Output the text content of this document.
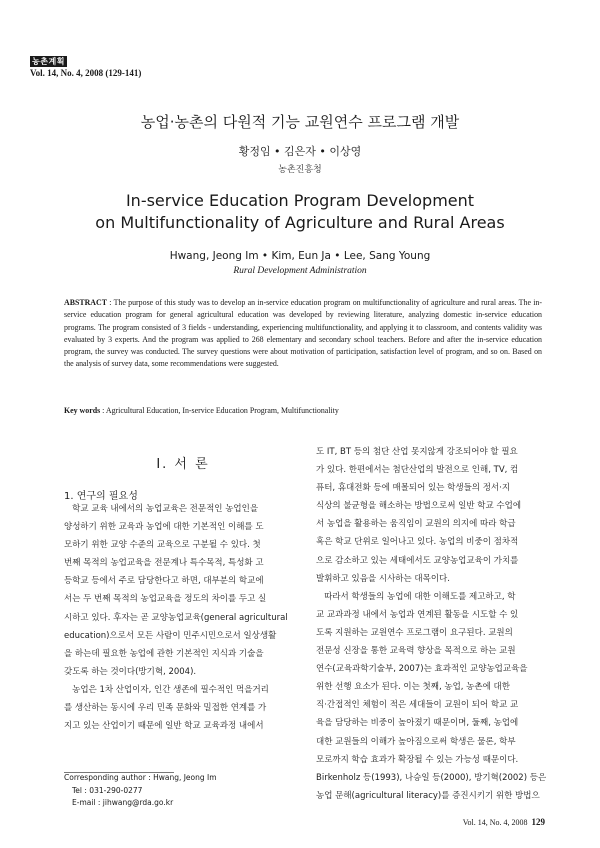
농촌계획
Vol. 14, No. 4, 2008 (129-141)
농업·농촌의 다원적 기능 교원연수 프로그램 개발
황정임 • 김은자 • 이상영
농촌진흥청
In-service Education Program Development
on Multifunctionality of Agriculture and Rural Areas
Hwang, Jeong Im • Kim, Eun Ja • Lee, Sang Young
Rural Development Administration
ABSTRACT : The purpose of this study was to develop an in-service education program on multifunctionality of agriculture and rural areas. The in-service education program for general agricultural education was developed by reviewing literature, analyzing domestic in-service education programs. The program consisted of 3 fields - understanding, experiencing multifunctionality, and applying it to classroom, and contents validity was evaluated by 3 experts. And the program was applied to 268 elementary and secondary school teachers. Before and after the in-service education program, the survey was conducted. The survey questions were about motivation of participation, satisfaction level of program, and so on. Based on the analysis of survey data, some recommendations were suggested.
Key words : Agricultural Education, In-service Education Program, Multifunctionality
I. 서 론
1. 연구의 필요성
학교 교육 내에서의 농업교육은 전문적인 농업인을
양성하기 위한 교육과 농업에 대한 기본적인 이해를 도
모하기 위한 교양 수준의 교육으로 구분될 수 있다. 첫
번째 목적의 농업교육을 전문계나 특수목적, 특성화 고
등학교 등에서 주로 담당한다고 하면, 대부분의 학교에
서는 두 번째 목적의 농업교육을 정도의 차이를 두고 실
시하고 있다. 후자는 곧 교양농업교육(general agricultural
education)으로서 모든 사람이 민주시민으로서 일상생활
을 하는데 필요한 농업에 관한 기본적인 지식과 기술을
갖도록 하는 것이다(방기혁, 2004).
농업은 1차 산업이자, 인간 생존에 필수적인 먹을거리
를 생산하는 동시에 우리 민족 문화와 밀접한 연계를 가
지고 있는 산업이기 때문에 일반 학교 교육과정 내에서
도 IT, BT 등의 첨단 산업 못지않게 강조되어야 할 필요
가 있다. 한편에서는 첨단산업의 발전으로 인해, TV, 컴
퓨터, 휴대전화 등에 매몰되어 있는 학생들의 정서·지
식상의 불균형을 해소하는 방법으로써 일반 학교 수업에
서 농업을 활용하는 움직임이 교원의 의지에 따라 학급
혹은 학교 단위로 일어나고 있다. 농업의 비중이 점차적
으로 감소하고 있는 세태에서도 교양농업교육이 가치를
발휘하고 있음을 시사하는 대목이다.
따라서 학생들의 농업에 대한 이해도를 제고하고, 학
교 교과과정 내에서 농업과 연계된 활동을 시도할 수 있
도록 지원하는 교원연수 프로그램이 요구된다. 교원의
전문성 신장을 통한 교육력 향상을 목적으로 하는 교원
연수(교육과학기술부, 2007)는 효과적인 교양농업교육을
위한 선행 요소가 된다. 이는 첫째, 농업, 농촌에 대한
직·간접적인 체험이 적은 세대들이 교원이 되어 학교 교
육을 담당하는 비중이 높아졌기 때문이며, 둘째, 농업에
대한 교원들의 이해가 높아짐으로써 학생은 물론, 학부
모로까지 학습 효과가 확장될 수 있는 가능성 때문이다.
Birkenholz 등(1993), 나승일 등(2000), 방기혁(2002) 등은
농업 문해(agricultural literacy)를 증진시키기 위한 방법으
Corresponding author : Hwang, Jeong Im
Tel : 031-290-0277
E-mail : jihwang@rda.go.kr
Vol. 14, No. 4, 2008 129
